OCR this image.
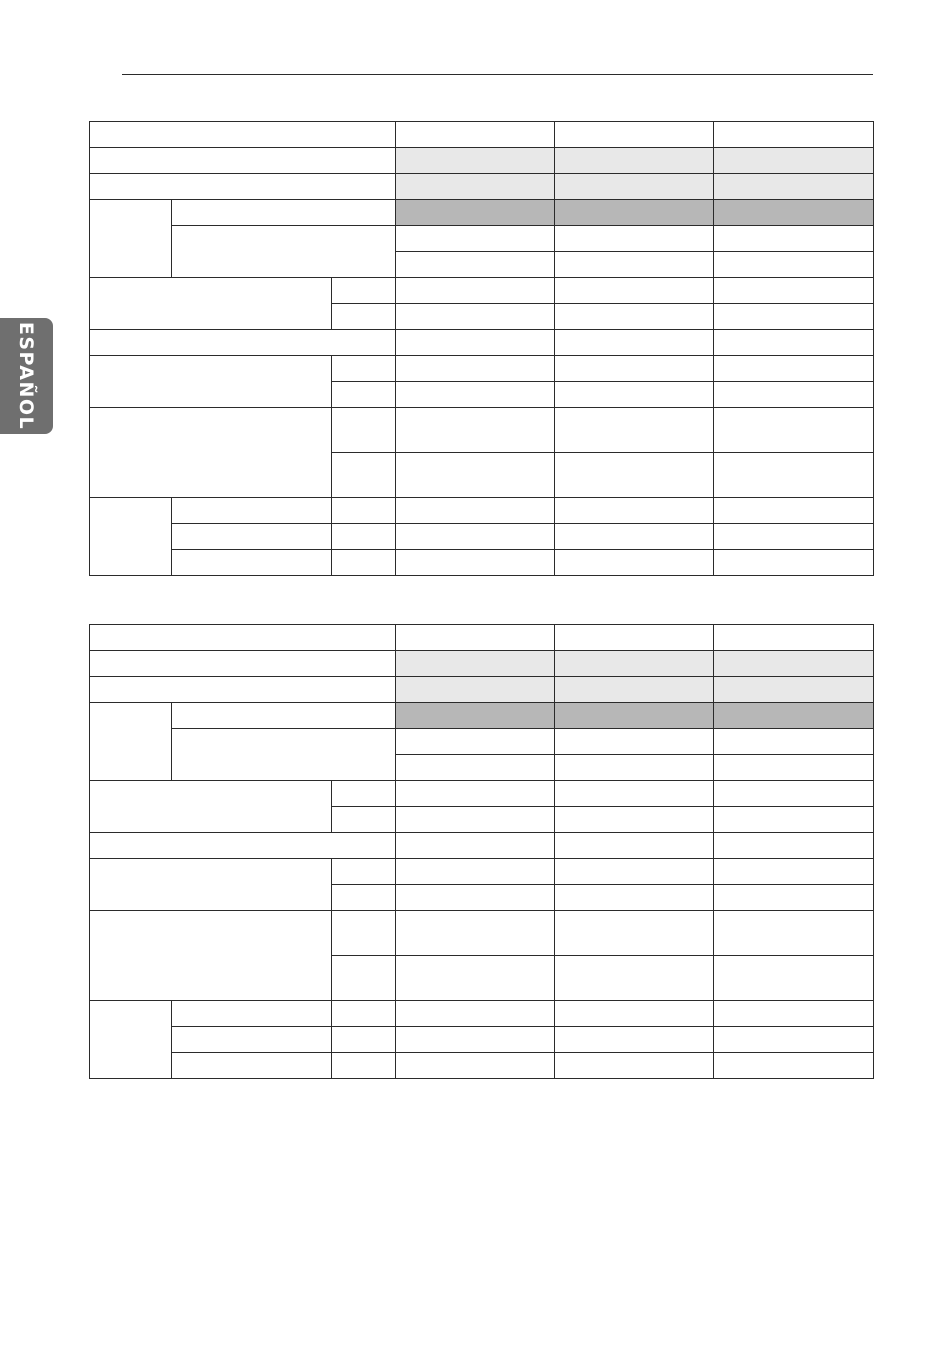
ESPAÑOL
